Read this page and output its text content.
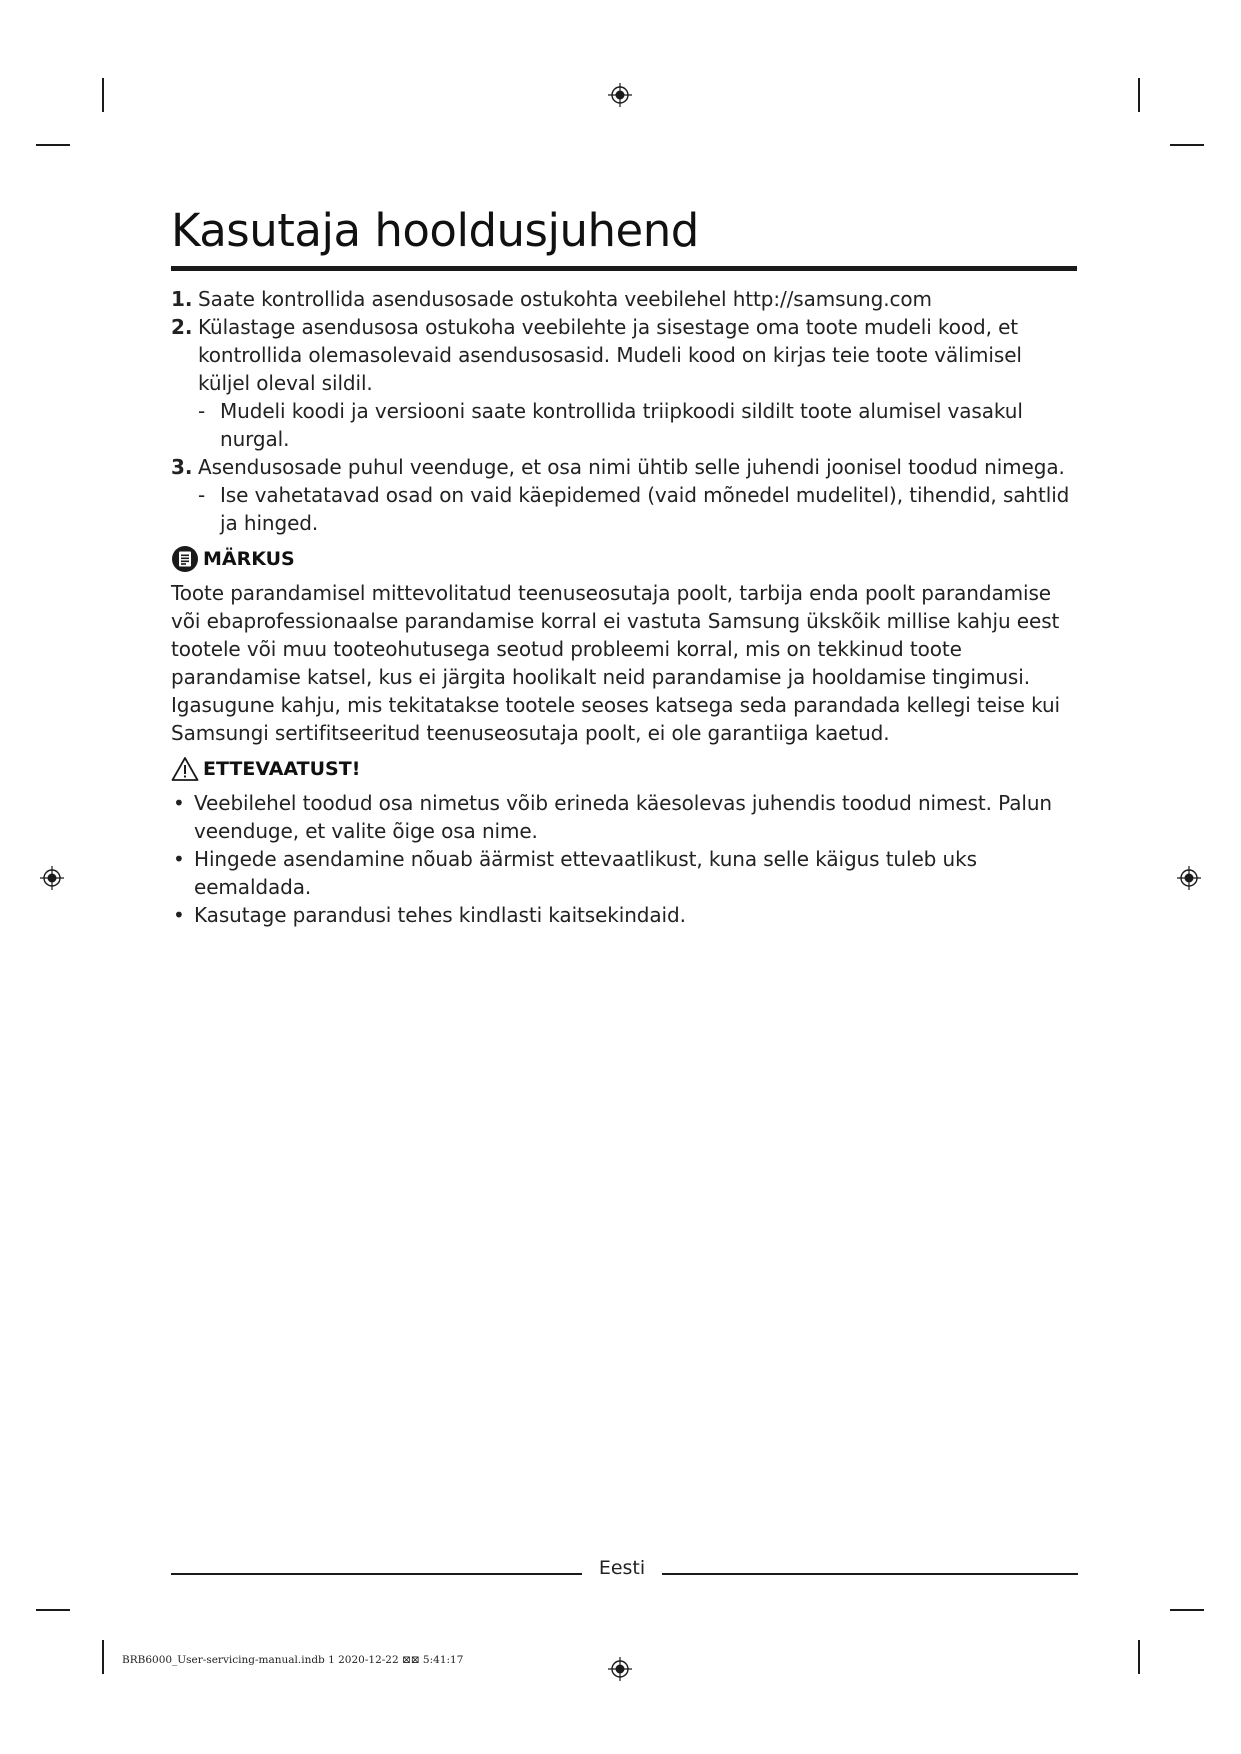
Kasutaja hooldusjuhend
1. Saate kontrollida asendusosade ostukohta veebilehel http://samsung.com
2. Külastage asendusosa ostukoha veebilehte ja sisestage oma toote mudeli kood, et kontrollida olemasolevaid asendusosasid. Mudeli kood on kirjas teie toote välimisel küljel oleval sildil.
- Mudeli koodi ja versiooni saate kontrollida triipkoodi sildilt toote alumisel vasakul nurgal.
3. Asendusosade puhul veenduge, et osa nimi ühtib selle juhendi joonisel toodud nimega.
- Ise vahetatavad osad on vaid käepidemed (vaid mõnedel mudelitel), tihendid, sahtlid ja hinged.
MÄRKUS

Toote parandamisel mittevolitatud teenuseosutaja poolt, tarbija enda poolt parandamise või ebaprofessionaalse parandamise korral ei vastuta Samsung ükskõik millise kahju eest tootele või muu tooteohutusega seotud probleemi korral, mis on tekkinud toote parandamise katsel, kus ei järgita hoolikalt neid parandamise ja hooldamise tingimusi. Igasugune kahju, mis tekitatakse tootele seoses katsega seda parandada kellegi teise kui Samsungi sertifitseeritud teenuseosutaja poolt, ei ole garantiiga kaetud.

ETTEVAATUST!
• Veebilehel toodud osa nimetus võib erineda käesolevas juhendis toodud nimest. Palun veenduge, et valite õige osa nime.
• Hingede asendamine nõuab äärmist ettevaatlikust, kuna selle käigus tuleb uks eemaldada.
• Kasutage parandusi tehes kindlasti kaitsekindaid.
Eesti
BRB6000_User-servicing-manual.indb 1 2020-12-22 ⊠⊠ 5:41:17
